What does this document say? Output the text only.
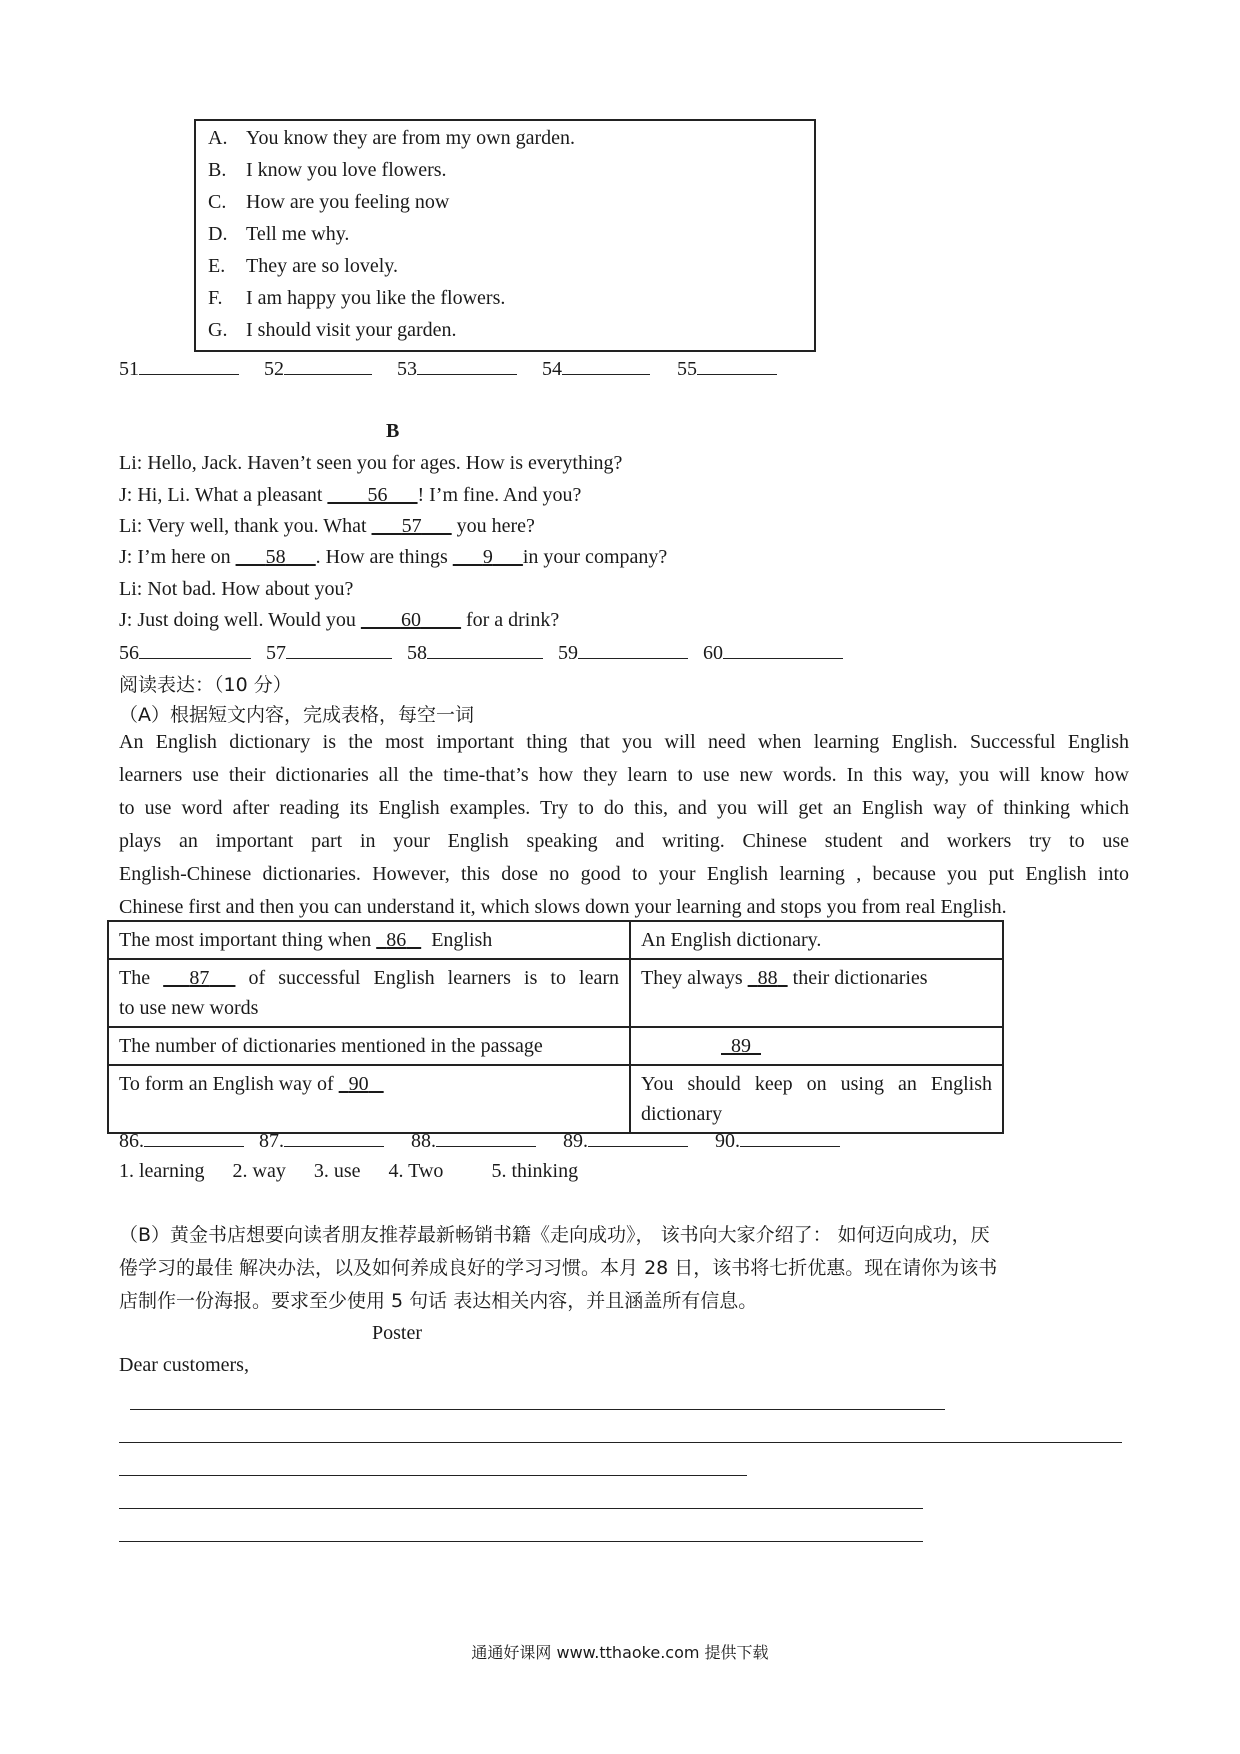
A. You know they are from my own garden.
B. I know you love flowers.
C. How are you feeling now
D. Tell me why.
E. They are so lovely.
F. I am happy you like the flowers.
G. I should visit your garden.
51	52	53	54	55
B
Li: Hello, Jack. Haven’t seen you for ages. How is everything?
J: Hi, Li. What a pleasant ____56___! I’m fine. And you?
Li: Very well, thank you. What ___57___ you here?
J: I’m here on ___58___. How are things ___9___in your company?
Li: Not bad. How about you?
J: Just doing well. Would you ____60____ for a drink?
56	57	58	59	60
阅读表达：（10 分）
（A）根据短文内容，完成表格，每空一词
An English dictionary is the most important thing that you will need when learning English. Successful English
learners use their dictionaries all the time-that’s how they learn to use new words. In this way, you will know how
to use word after reading its English examples. Try to do this, and you will get an English way of thinking which
plays an important part in your English speaking and writing. Chinese student and workers try to use
English-Chinese dictionaries. However, this dose no good to your English learning , because you put English into
Chinese first and then you can understand it, which slows down your learning and stops you from real English.
The most important thing when   86 English	An English dictionary.

The   87   of successful English learners is to learn
to use new words	They always   88   their dictionaries
The number of dictionaries mentioned in the passage	89
To form an English way of   90	You should keep on using an English
dictionary
86.	87.	88.	89.	90.
1. learning 2. way 3. use 4. Two 5. thinking
（B）黄金书店想要向读者朋友推荐最新畅销书籍《走向成功》， 该书向大家介绍了： 如何迈向成功，厌
倦学习的最佳 解决办法，以及如何养成良好的学习习惯。本月 28 日，该书将七折优惠。现在请你为该书
店制作一份海报。要求至少使用 5 句话 表达相关内容，并且涵盖所有信息。
Poster
Dear customers,
通通好课网 www.tthaoke.com 提供下载
